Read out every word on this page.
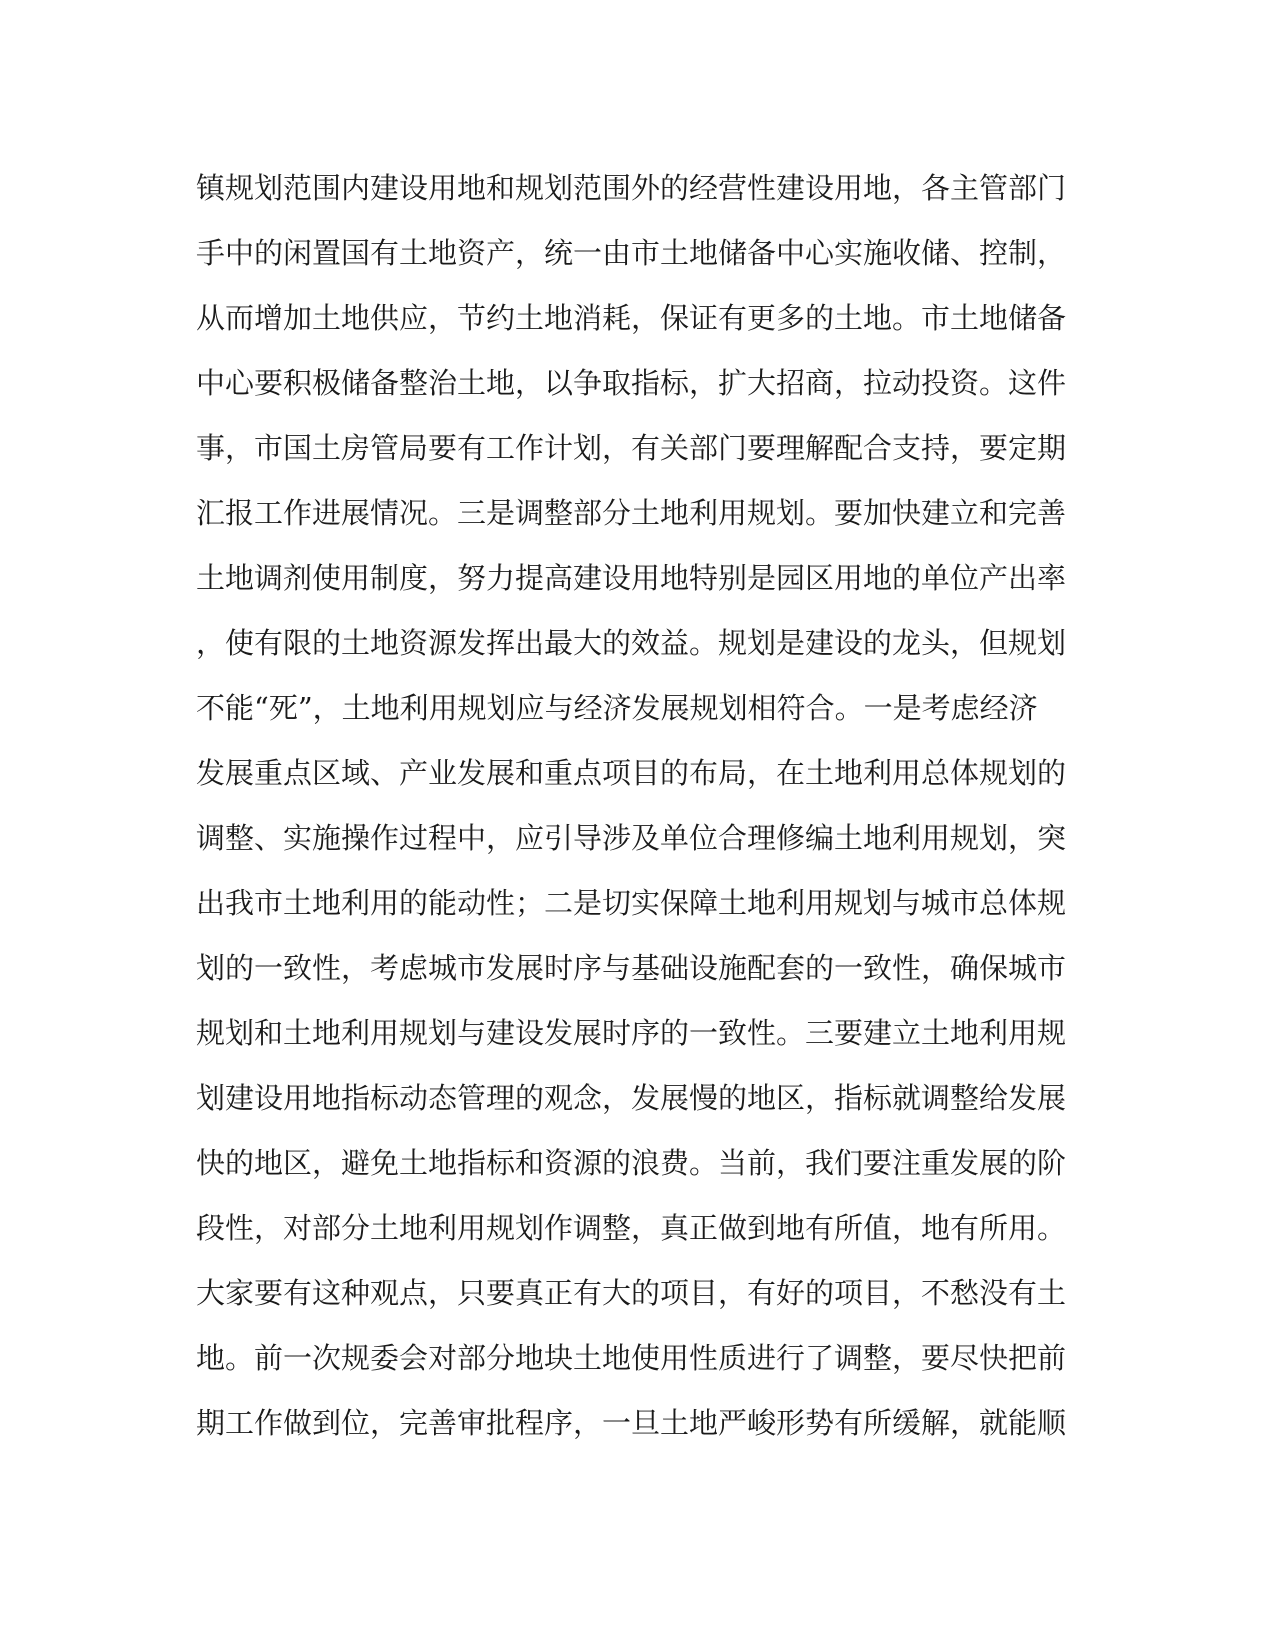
镇规划范围内建设用地和规划范围外的经营性建设用地，各主管部门
手中的闲置国有土地资产，统一由市土地储备中心实施收储、控制，
从而增加土地供应，节约土地消耗，保证有更多的土地。市土地储备
中心要积极储备整治土地，以争取指标，扩大招商，拉动投资。这件
事，市国土房管局要有工作计划，有关部门要理解配合支持，要定期
汇报工作进展情况。三是调整部分土地利用规划。要加快建立和完善
土地调剂使用制度，努力提高建设用地特别是园区用地的单位产出率
，使有限的土地资源发挥出最大的效益。规划是建设的龙头，但规划
不能“死”，土地利用规划应与经济发展规划相符合。一是考虑经济
发展重点区域、产业发展和重点项目的布局，在土地利用总体规划的
调整、实施操作过程中，应引导涉及单位合理修编土地利用规划，突
出我市土地利用的能动性；二是切实保障土地利用规划与城市总体规
划的一致性，考虑城市发展时序与基础设施配套的一致性，确保城市
规划和土地利用规划与建设发展时序的一致性。三要建立土地利用规
划建设用地指标动态管理的观念，发展慢的地区，指标就调整给发展
快的地区，避免土地指标和资源的浪费。当前，我们要注重发展的阶
段性，对部分土地利用规划作调整，真正做到地有所值，地有所用。
大家要有这种观点，只要真正有大的项目，有好的项目，不愁没有土
地。前一次规委会对部分地块土地使用性质进行了调整，要尽快把前
期工作做到位，完善审批程序，一旦土地严峻形势有所缓解，就能顺
